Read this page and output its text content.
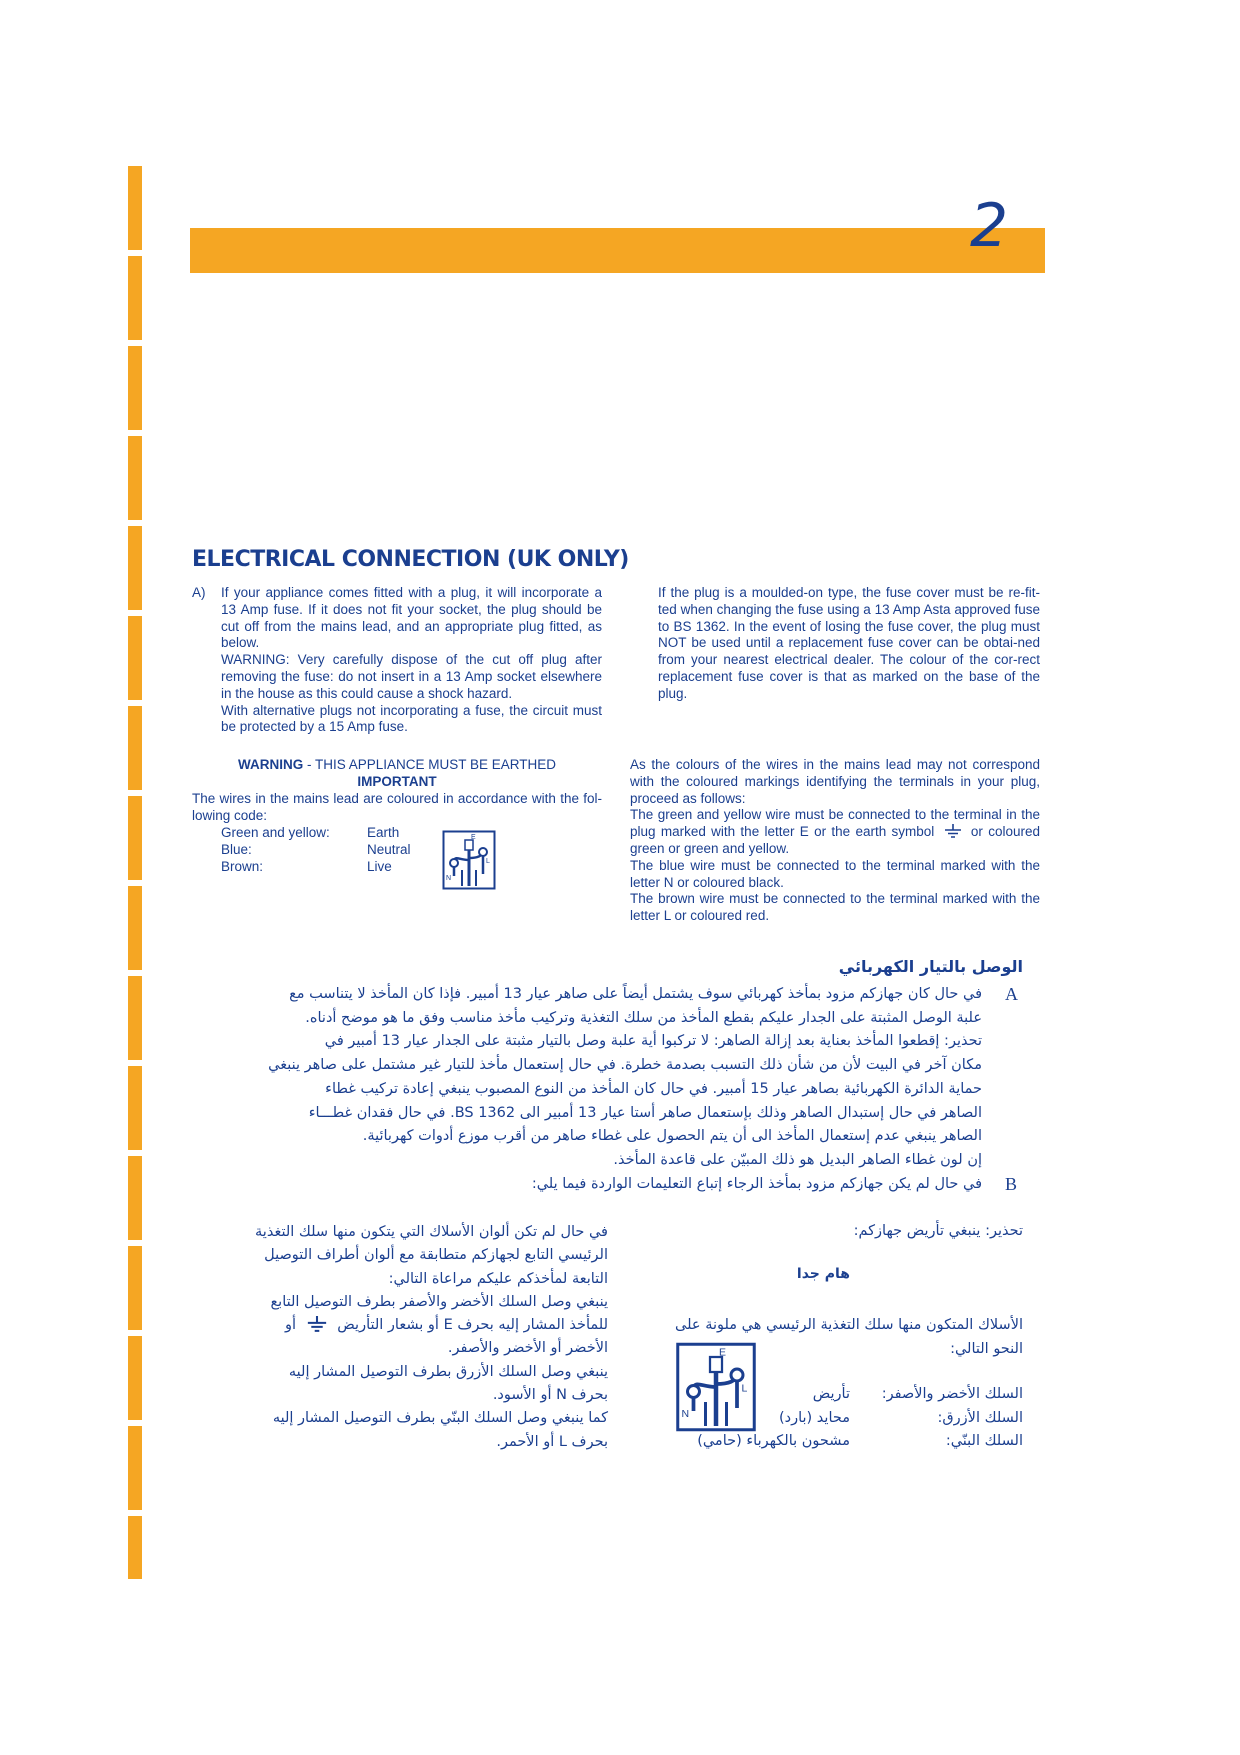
2
ELECTRICAL CONNECTION (UK ONLY)
A) If your appliance comes fitted with a plug, it will incorporate a 13 Amp fuse. If it does not fit your socket, the plug should be cut off from the mains lead, and an appropriate plug fitted, as below.
WARNING: Very carefully dispose of the cut off plug after removing the fuse: do not insert in a 13 Amp socket elsewhere in the house as this could cause a shock hazard.
With alternative plugs not incorporating a fuse, the circuit must be protected by a 15 Amp fuse.
If the plug is a moulded-on type, the fuse cover must be re-fit-ted when changing the fuse using a 13 Amp Asta approved fuse to BS 1362. In the event of losing the fuse cover, the plug must NOT be used until a replacement fuse cover can be obtai-ned from your nearest electrical dealer. The colour of the cor-rect replacement fuse cover is that as marked on the base of the plug.
WARNING - THIS APPLIANCE MUST BE EARTHED
IMPORTANT
The wires in the mains lead are coloured in accordance with the fol-lowing code:
Green and yellow:	Earth
Blue:	Neutral
Brown:	Live
E
N
L
As the colours of the wires in the mains lead may not correspond with the coloured markings identifying the terminals in your plug, proceed as follows:
The green and yellow wire must be connected to the terminal in the plug marked with the letter E or the earth symbol	or coloured green or green and yellow.
The blue wire must be connected to the terminal marked with the letter N or coloured black.
The brown wire must be connected to the terminal marked with the letter L or coloured red.
الوصل بالتيار الكهربائي
A
B
في حال كان جهازكم مزود بمأخذ كهربائي سوف يشتمل أيضاً على صاهر عيار 13 أمبير. فإذا كان المأخذ لا يتناسب مع
علبة الوصل المثبتة على الجدار عليكم بقطع المأخذ من سلك التغذية وتركيب مأخذ مناسب وفق ما هو موضح أدناه.
تحذير: إقطعوا المأخذ بعناية بعد إزالة الصاهر: لا تركبوا أية علبة وصل بالتيار مثبتة على الجدار عيار 13 أمبير في
مكان آخر في البيت لأن من شأن ذلك التسبب بصدمة خطرة. في حال إستعمال مأخذ للتيار غير مشتمل على صاهر ينبغي
حماية الدائرة الكهربائية بصاهر عيار 15 أمبير. في حال كان المأخذ من النوع المصبوب ينبغي إعادة تركيب غطاء
الصاهر في حال إستبدال الصاهر وذلك بإستعمال صاهر أستا عيار 13 أمبير الى BS 1362. في حال فقدان غطـــاء
الصاهر ينبغي عدم إستعمال المأخذ الى أن يتم الحصول على غطاء صاهر من أقرب موزع أدوات كهربائية.
إن لون غطاء الصاهر البديل هو ذلك المبيّن على قاعدة المأخذ.
في حال لم يكن جهازكم مزود بمأخذ الرجاء إتباع التعليمات الواردة فيما يلي:
تحذير: ينبغي تأريض جهازكم:
هام جدا
الأسلاك المتكون منها سلك التغذية الرئيسي هي ملونة على
النحو التالي:
السلك الأخضر والأصفر:
تأريض
السلك الأزرق:
محايد (بارد)
السلك البنّي:
مشحون بالكهرباء (حامي)
E
N
L
في حال لم تكن ألوان الأسلاك التي يتكون منها سلك التغذية
الرئيسي التابع لجهازكم متطابقة مع ألوان أطراف التوصيل
التابعة لمأخذكم عليكم مراعاة التالي:
ينبغي وصل السلك الأخضر والأصفر بطرف التوصيل التابع
للمأخذ المشار إليه بحرف E أو بشعار التأريض  أو
الأخضر أو الأخضر والأصفر.
ينبغي وصل السلك الأزرق بطرف التوصيل المشار إليه
بحرف N أو الأسود.
كما ينبغي وصل السلك البنّي بطرف التوصيل المشار إليه
بحرف L أو الأحمر.
